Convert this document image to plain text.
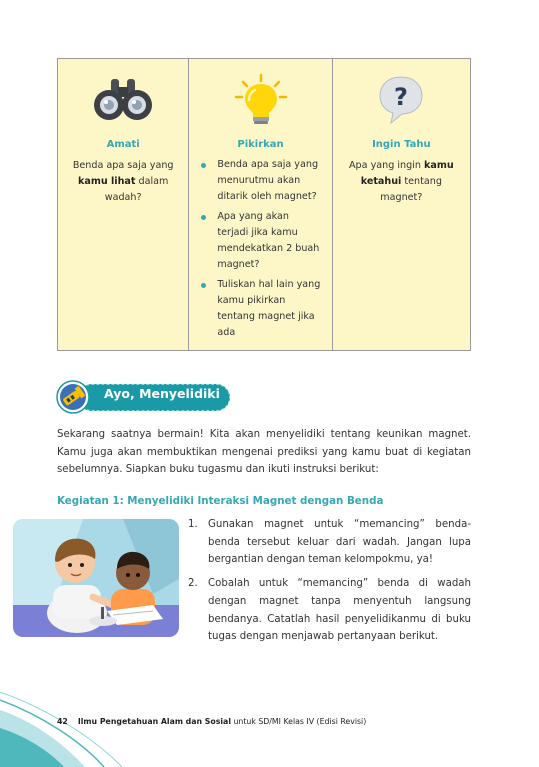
Amati
Benda apa saja yang kamu lihat dalam wadah?
Benda apa saja yang menurutmu akan ditarik oleh magnet?
Apa yang akan terjadi jika kamu mendekatkan 2 buah magnet?
Tuliskan hal lain yang kamu pikirkan tentang magnet jika ada
Pikirkan
?
Ingin Tahu
Apa yang ingin kamu ketahui tentang magnet?
Ayo, Menyelidiki

Sekarang saatnya bermain! Kita akan menyelidiki tentang keunikan magnet. Kamu juga akan membuktikan mengenai prediksi yang kamu buat di kegiatan sebelumnya. Siapkan buku tugasmu dan ikuti instruksi berikut:

Kegiatan 1: Menyelidiki Interaksi Magnet dengan Benda
1. Gunakan magnet untuk “memancing” benda-benda tersebut keluar dari wadah. Jangan lupa bergantian dengan teman kelompokmu, ya!
2. Cobalah untuk “memancing” benda di wadah dengan magnet tanpa menyentuh langsung bendanya. Catatlah hasil penyelidikanmu di buku tugas dengan menjawab pertanyaan berikut.
42 Ilmu Pengetahuan Alam dan Sosial untuk SD/MI Kelas IV (Edisi Revisi)
